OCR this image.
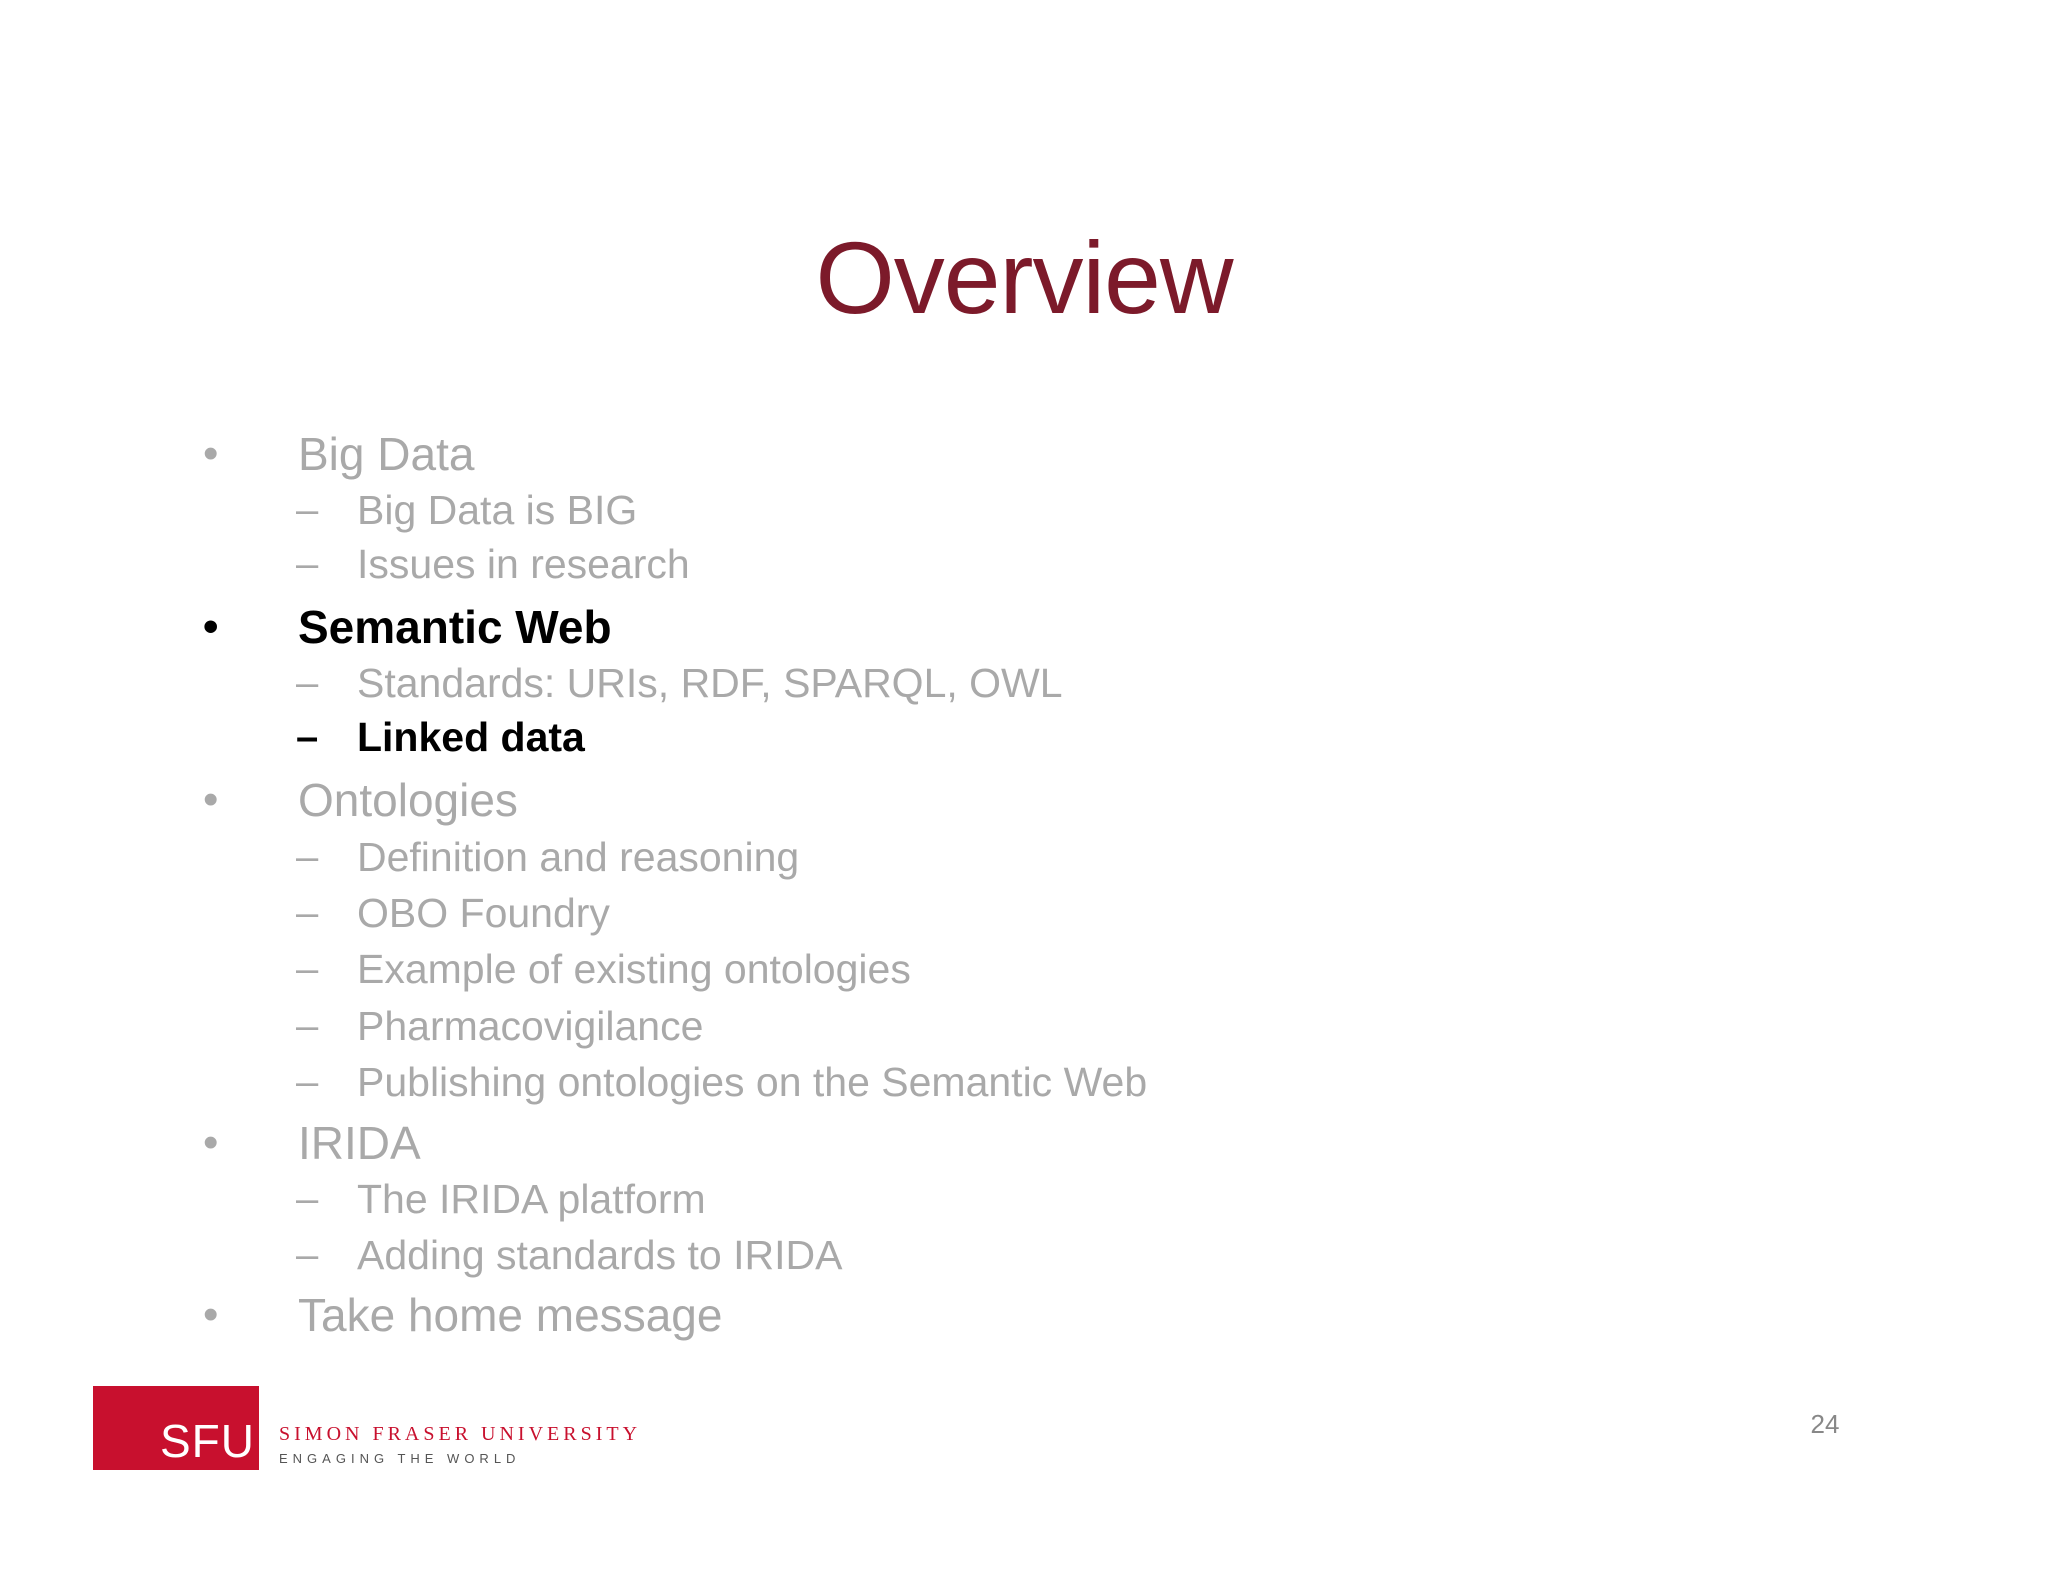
Overview
• Big Data
– Big Data is BIG
– Issues in research
• Semantic Web
– Standards: URIs, RDF, SPARQL, OWL
– Linked data
• Ontologies
– Definition and reasoning
– OBO Foundry
– Example of existing ontologies
– Pharmacovigilance
– Publishing ontologies on the Semantic Web
• IRIDA
– The IRIDA platform
– Adding standards to IRIDA
• Take home message
SFU SIMON FRASER UNIVERSITY
ENGAGING THE WORLD
24
